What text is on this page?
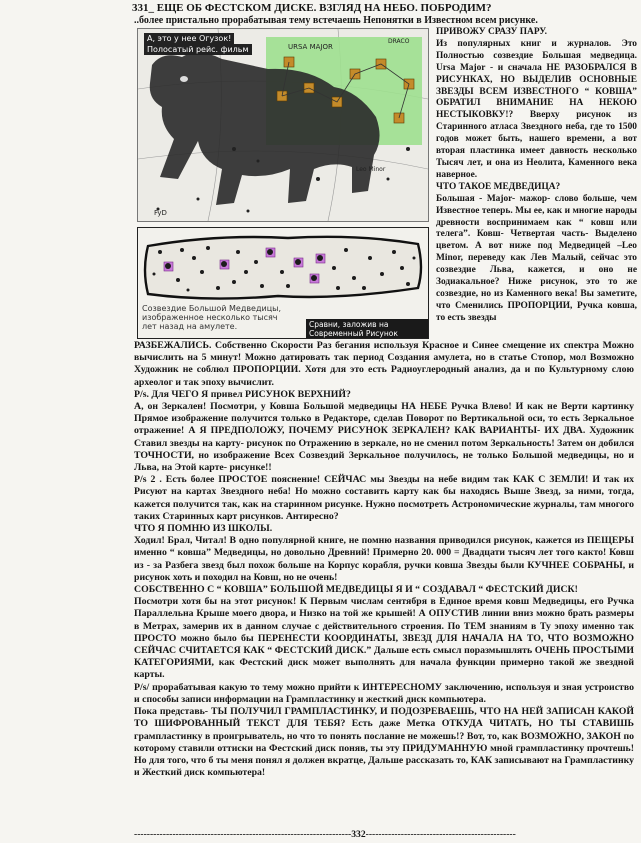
331_ ЕЩЕ ОБ ФЕСТСКОМ ДИСКЕ. ВЗГЛЯД НА НЕБО. ПОБРОДИМ?
..более пристально прорабатывая тему встечаешь Непонятки в Известном всем рисунке.
URSA MAJOR
DRACO
Leo Minor
FyD
А, это у нее Огузок!
Полосатый рейс. фильм
Созвездие Большой Медведицы, изображенное несколько тысяч лет назад на амулете.	Сравни, заложив на Современный Рисунок

ПРИВОЖУ СРАЗУ ПАРУ.

Из популярных книг и журналов. Это Полностью созвездие Большая медведица. Ursa Major - и сначала НЕ РАЗОБРАЛСЯ В РИСУНКАХ, НО ВЫДЕЛИВ ОСНОВНЫЕ ЗВЕЗДЫ ВСЕМ ИЗВЕСТНОГО “ КОВША” ОБРАТИЛ ВНИМАНИЕ НА НЕКОЮ НЕСТЫКОВКУ!? Вверху рисунок из Старинного атласа Звездного неба, где то 1500 годов может быть, нашего времени, а вот вторая пластинка имеет давность несколько Тысяч лет, и она из Неолита, Каменного века наверное.

ЧТО ТАКОЕ МЕДВЕДИЦА?

Большая - Major- мажор- слово больше, чем Известное теперь. Мы ее, как и многие народы древности воспринимаем как “ ковш или телега”. Ковш- Четвертая часть- Выделено цветом. А вот ниже под Медведицей –Leo Minor, переведу как Лев Малый, сейчас это созвездие Льва, кажется, и оно не Зодиакальное? Ниже рисунок, это то же созвездие, но из Каменного века! Вы заметите, что Сменились ПРОПОРЦИИ, Ручка ковша, то есть звезды

РАЗБЕЖАЛИСЬ. Собственно Скорости Раз бегания используя Красное и Синее смещение их спектра Можно вычислить на 5 минут! Можно датировать так период Создания амулета, но в статье Стопор, мол Возможно Художник не соблюл ПРОПОРЦИИ. Хотя для это есть Радиоуглеродный анализ, да и по Культурному слою археолог и так эпоху вычислит.

P/s. Для ЧЕГО Я привел РИСУНОК ВЕРХНИЙ?

А, он Зеркален! Посмотри, у Ковша Большой медведицы НА НЕБЕ Ручка Влево! И как не Верти картинку Прямое изображение получится только в Редакторе, сделав Поворот по Вертикальной оси, то есть Зеркальное отражение! А Я ПРЕДПОЛОЖУ, ПОЧЕМУ РИСУНОК ЗЕРКАЛЕН? КАК ВАРИАНТЫ- ИХ ДВА. Художник Ставил звезды на карту- рисунок по Отражению в зеркале, но не сменил потом Зеркальность! Затем он добился ТОЧНОСТИ, но изображение Всех Созвездий Зеркальное получилось, не только Большой медведицы, но и Льва, на Этой карте- рисунке!!

P/s 2 . Есть более ПРОСТОЕ пояснение! СЕЙЧАС мы Звезды на небе видим так КАК С ЗЕМЛИ! И так их Рисуют на картах Звездного неба! Но можно составить карту как бы находясь Выше Звезд, за ними, тогда, кажется получится так, как на старинном рисунке. Нужно посмотреть Астрономические журналы, там многого таких Старинных карт рисунков. Антиресно?

ЧТО Я ПОМНЮ ИЗ ШКОЛЫ.

Ходил! Брал, Читал! В одно популярной книге, не помню названия приводился рисунок, кажется из ПЕЩЕРЫ именно “ ковша” Медведицы, но довольно Древний! Примерно 20. 000 = Двадцати тысяч лет того както! Ковш из - за Разбега звезд был похож больше на Корпус корабля, ручки ковша Звезды были КУЧНЕЕ СОБРАНЫ, и рисунок хоть и походил на Ковш, но не очень!

СОБСТВЕННО С “ КОВША” БОЛЬШОЙ МЕДВЕДИЦЫ Я И “ СОЗДАВАЛ “ ФЕСТСКИЙ ДИСК!

Посмотри хотя бы на этот рисунок! К Первым числам сентября в Единое время ковш Медведицы, его Ручка Параллельна Крыше моего двора, и Низко на той же крышей! А ОПУСТИВ линии вниз можно брать размеры в Метрах, замерив их в данном случае с действительного строения. По ТЕМ знаниям в Ту эпоху именно так ПРОСТО можно было бы ПЕРЕНЕСТИ КООРДИНАТЫ, ЗВЕЗД ДЛЯ НАЧАЛА НА ТО, ЧТО ВОЗМОЖНО СЕЙЧАС СЧИТАЕТСЯ КАК “ ФЕСТСКИЙ ДИСК.” Дальше есть смысл поразмышлять ОЧЕНЬ ПРОСТЫМИ КАТЕГОРИЯМИ, как Фестский диск может выполнять для начала функции примерно такой же звездной карты.

P/s/ прорабатывая какую то тему можно прийти к ИНТЕРЕСНОМУ заключению, используя и зная устроиство и способы записи информации на Грампластинку и жесткий диск компьютера.

Пока представь- ТЫ ПОЛУЧИЛ ГРАМПЛАСТИНКУ, И ПОДОЗРЕВАЕШЬ, ЧТО НА НЕЙ ЗАПИСАН КАКОЙ ТО ШИФРОВАННЫЙ ТЕКСТ ДЛЯ ТЕБЯ? Есть даже Метка ОТКУДА ЧИТАТЬ, НО ТЫ СТАВИШЬ грампластинку в проигрыватель, но что то понять послание не можешь!? Вот, то, как ВОЗМОЖНО, ЗАКОН по которому ставили оттиски на Фестский диск поняв, ты эту ПРИДУМАННУЮ мной грампластинку прочтешь! Но для того, что б ты меня понял я должен вкратце, Дальше рассказать то, КАК записывают на Грампластинку и Жесткий диск компьютера!

--------------------------------------------------------------------332-----------------------------------------------
